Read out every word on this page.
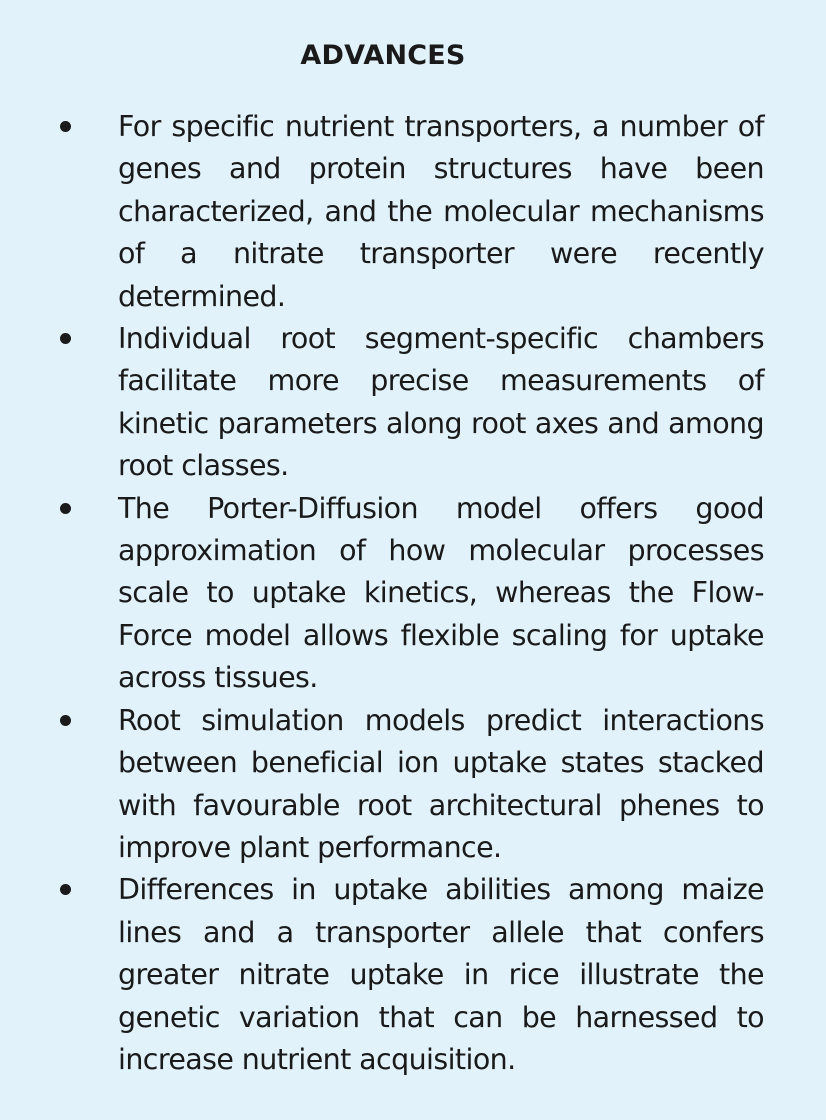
ADVANCES
For specific nutrient transporters, a number of genes and protein structures have been characterized, and the molecular mechanisms of a nitrate transporter were recently determined.
Individual root segment-specific chambers facilitate more precise measurements of kinetic parameters along root axes and among root classes.
The Porter-Diffusion model offers good approximation of how molecular processes scale to uptake kinetics, whereas the Flow-Force model allows flexible scaling for uptake across tissues.
Root simulation models predict interactions between beneficial ion uptake states stacked with favourable root architectural phenes to improve plant performance.
Differences in uptake abilities among maize lines and a transporter allele that confers greater nitrate uptake in rice illustrate the genetic variation that can be harnessed to increase nutrient acquisition.
